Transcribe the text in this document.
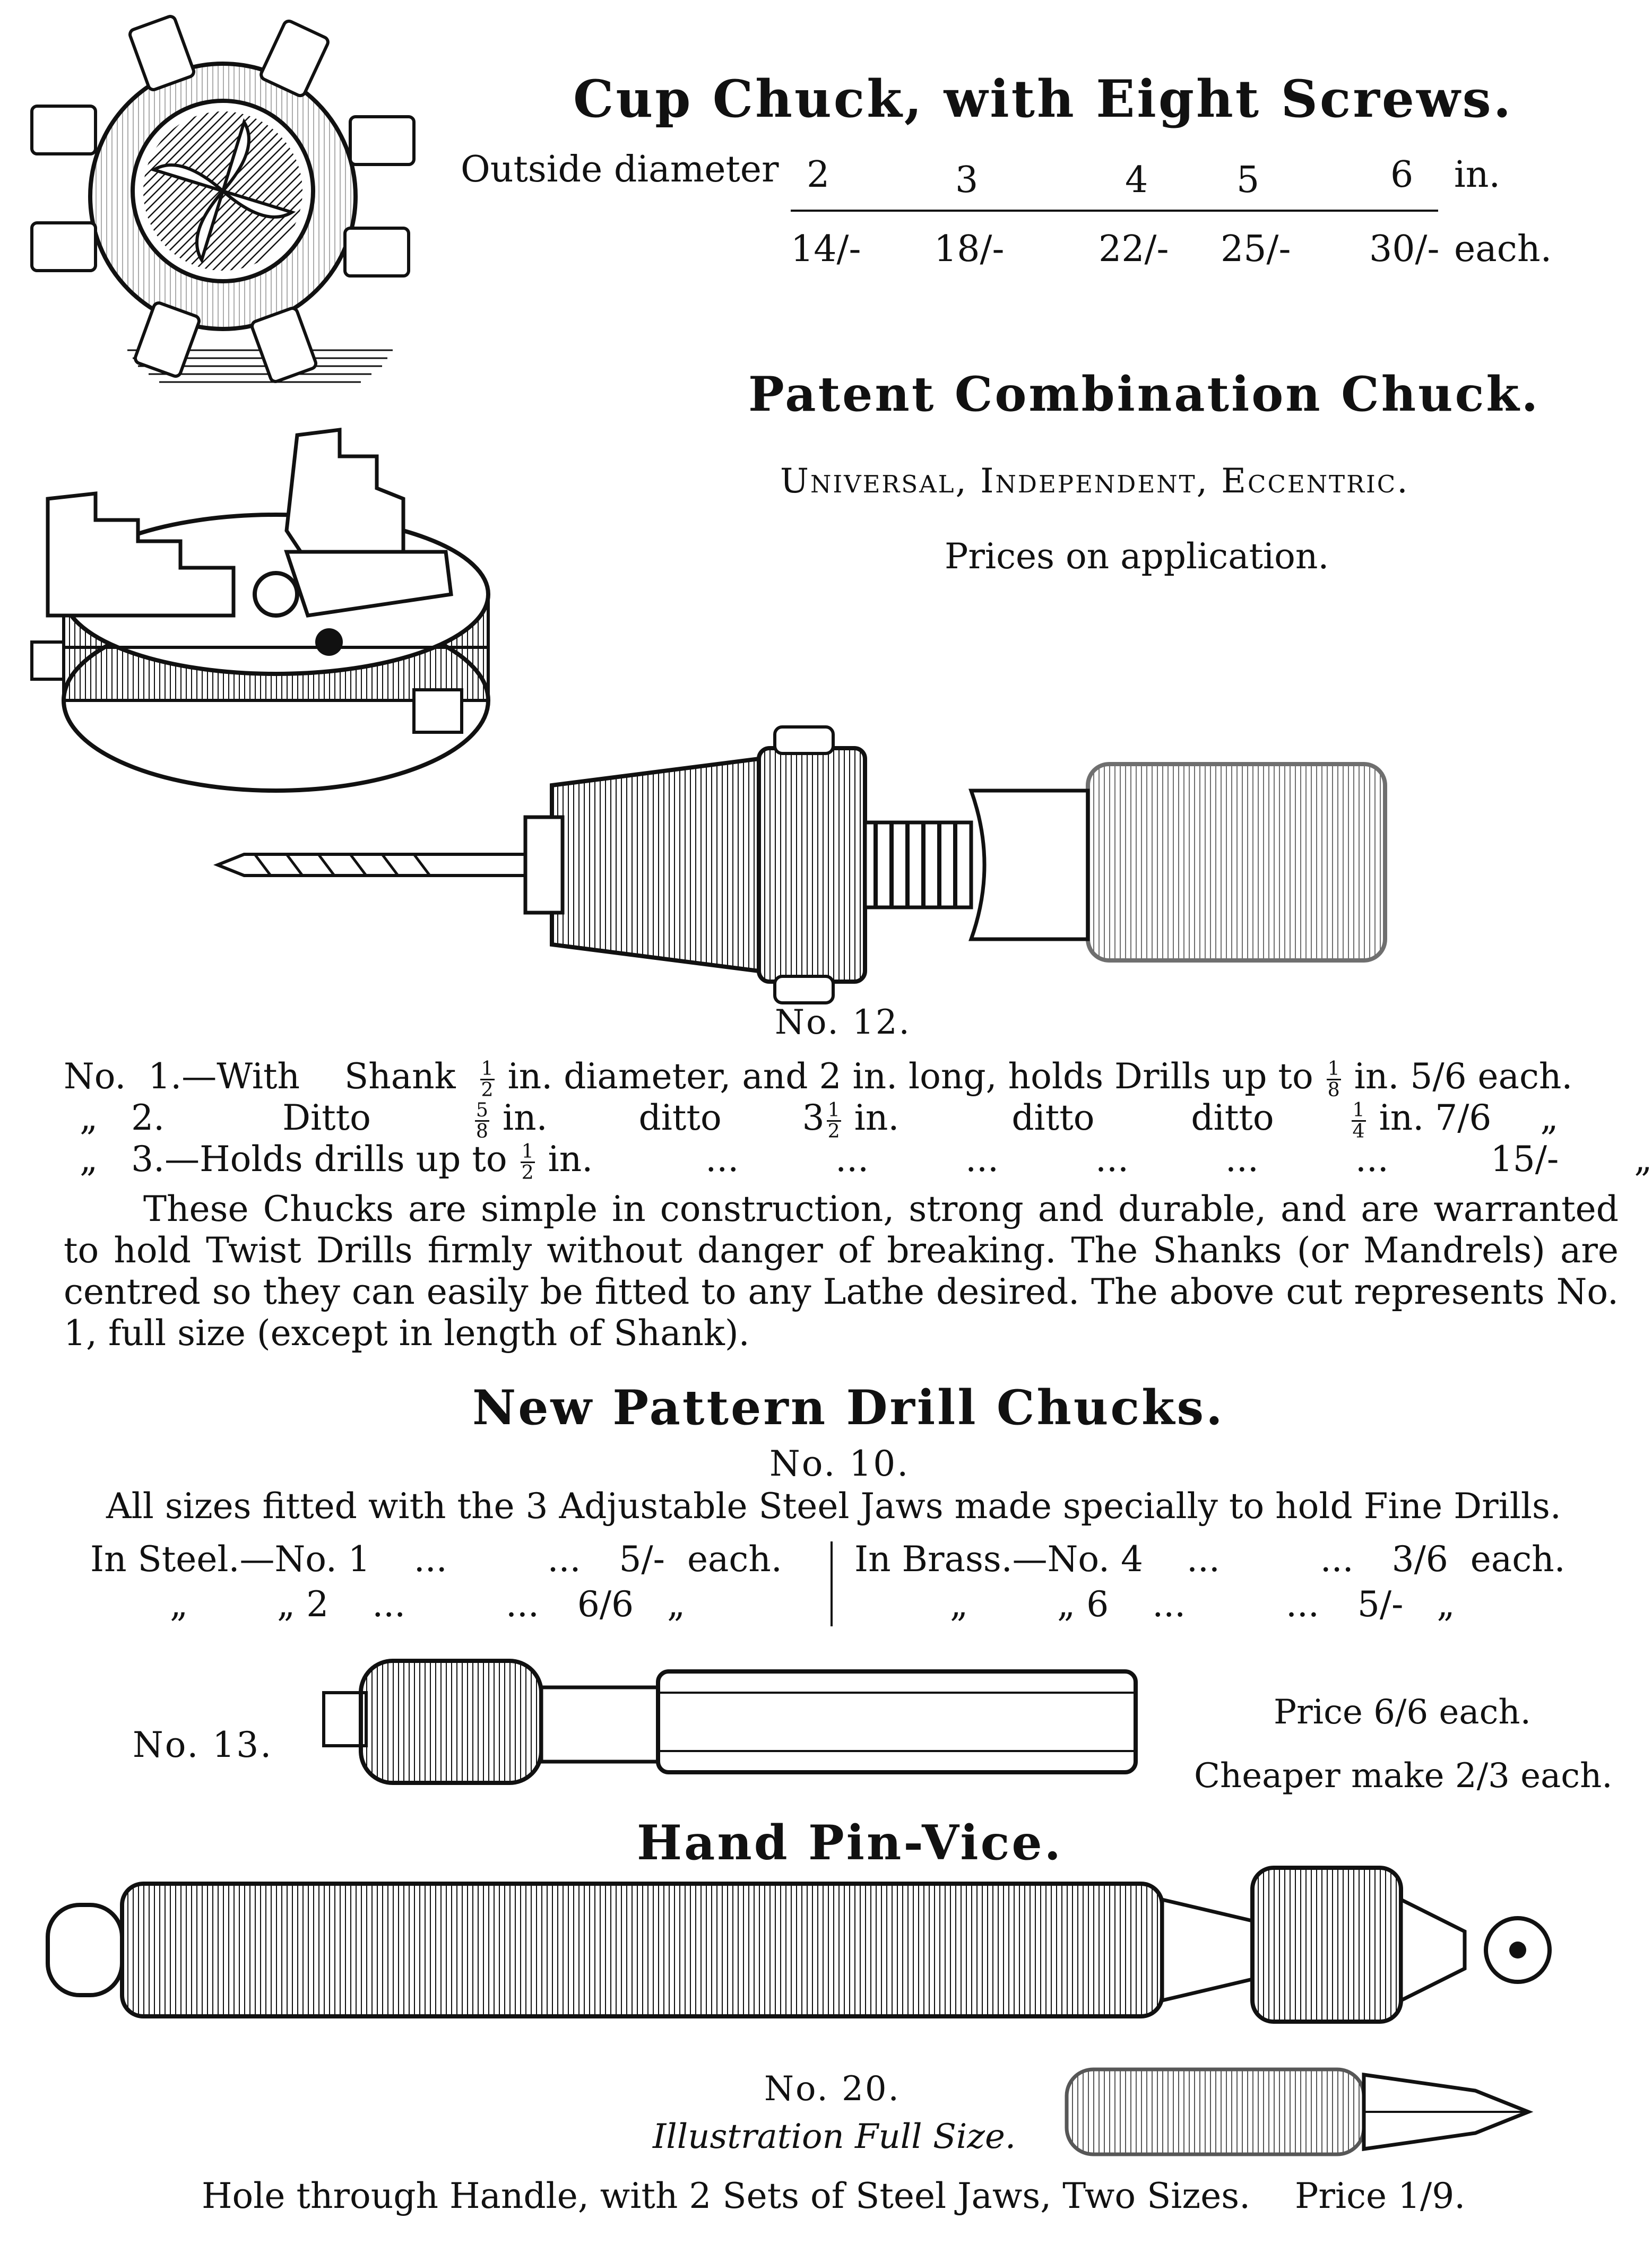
Cup Chuck, with Eight Screws.
Outside diameter 2	3	4 5	6 in.
14/- 18/-	22/- 25/- 30/- each.
Patent Combination Chuck.
Universal, Independent, Eccentric.
Prices on application.
No. 12.
No. 1.—With Shank $\frac{1}{2}$ in. diameter, and 2 in. long, holds Drills up to $\frac{1}{8}$ in. 5/6 each.
„ 2.	Ditto	$\frac{5}{8}$ in.	ditto $3 \frac{1}{2}$ in.	ditto	ditto	$\frac{1}{4}$ in. 7/6 „
„ 3.—Holds drills up to $\frac{1}{2}$ in.	...	...	...	...	...	...	15/- „
These Chucks are simple in construction, strong and durable, and are warranted to hold Twist Drills firmly without danger of breaking. The Shanks (or Mandrels) are centred so they can easily be fitted to any Lathe desired. The above cut represents No. 1, full size (except in length of Shank).
New Pattern Drill Chucks.
No. 10.
All sizes fitted with the 3 Adjustable Steel Jaws made specially to hold Fine Drills.
In Steel.—No. 1 ...         ... 5/- each.
„        „ 2 ...         ... 6/6 „
In Brass.—No. 4 ...         ... 3/6 each.
„        „ 6 ...         ... 5/- „
No. 13.
Price 6/6 each.
Cheaper make 2/3 each.
Hand Pin-Vice.
No. 20.
Illustration Full Size.
Hole through Handle, with 2 Sets of Steel Jaws, Two Sizes. Price 1/9.
